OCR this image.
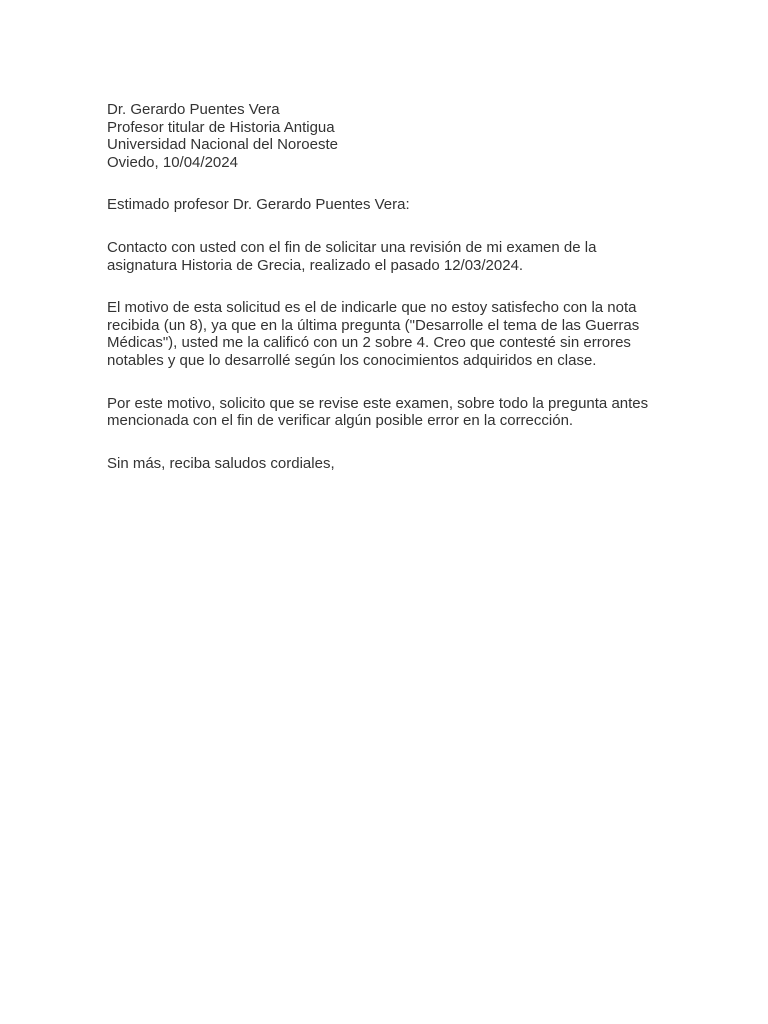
Dr. Gerardo Puentes Vera
Profesor titular de Historia Antigua
Universidad Nacional del Noroeste
Oviedo, 10/04/2024

Estimado profesor Dr. Gerardo Puentes Vera:

Contacto con usted con el fin de solicitar una revisión de mi examen de la asignatura Historia de Grecia, realizado el pasado 12/03/2024.

El motivo de esta solicitud es el de indicarle que no estoy satisfecho con la nota recibida (un 8), ya que en la última pregunta ("Desarrolle el tema de las Guerras Médicas"), usted me la calificó con un 2 sobre 4. Creo que contesté sin errores notables y que lo desarrollé según los conocimientos adquiridos en clase.

Por este motivo, solicito que se revise este examen, sobre todo la pregunta antes mencionada con el fin de verificar algún posible error en la corrección.

Sin más, reciba saludos cordiales,
